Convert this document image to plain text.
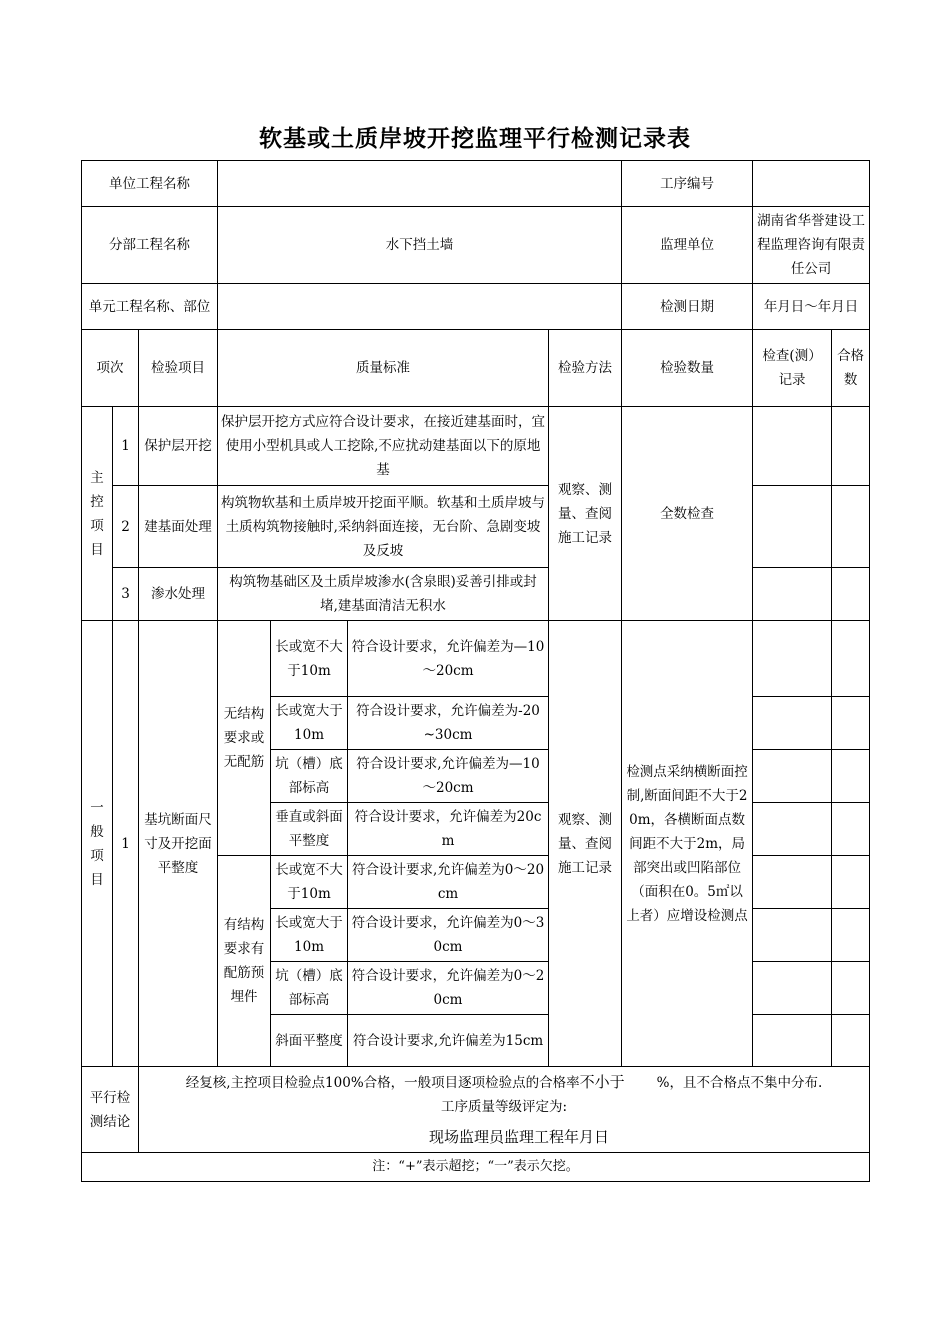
软基或土质岸坡开挖监理平行检测记录表
单位工程名称							工序编号			
分部工程名称			水下挡土墙				监理单位	湖南省华誉建设工程监理咨询有限责任公司		
单元工程名称、部位							检测日期	年月日～年月日		
项次		检验项目	质量标准			检验方法	检验数量	检查(测）记录	合格数	
主控项目	1	保护层开挖	保护层开挖方式应符合设计要求，在接近建基面时，宜使用小型机具或人工挖除,不应扰动建基面以下的原地基			观察、测量、查阅施工记录	全数检查			
	2	建基面处理	构筑物软基和土质岸坡开挖面平顺。软基和土质岸坡与土质构筑物接触时,采纳斜面连接，无台阶、急剧变坡及反坡							
	3	渗水处理	构筑物基础区及土质岸坡渗水(含泉眼)妥善引排或封堵,建基面清洁无积水							
一般项目	1	基坑断面尺寸及开挖面平整度	无结构要求或无配筋	长或宽不大于10m	符合设计要求，允许偏差为—10～20cm	观察、测量、查阅施工记录	检测点采纳横断面控制,断面间距不大于20m，各横断面点数间距不大于2m，局部突出或凹陷部位（面积在0。5㎡以上者）应增设检测点			
				长或宽大于10m	符合设计要求，允许偏差为-20~30cm					
				坑（槽）底部标高	符合设计要求,允许偏差为—10～20cm					
				垂直或斜面平整度	符合设计要求，允许偏差为20cm					
			有结构要求有配筋预埋件	长或宽不大于10m	符合设计要求,允许偏差为0～20cm					
				长或宽大于10m	符合设计要求，允许偏差为0～30cm					
				坑（槽）底部标高	符合设计要求，允许偏差为0～20cm					
				斜面平整度	符合设计要求,允许偏差为15cm					
平行检测结论		经复核,主控项目检验点100%合格，一般项目逐项检验点的合格率不小于 %，且不合格点不集中分布.
工序质量等级评定为:
现场监理员监理工程年月日								

注：“+”表示超挖；“一”表示欠挖。										
